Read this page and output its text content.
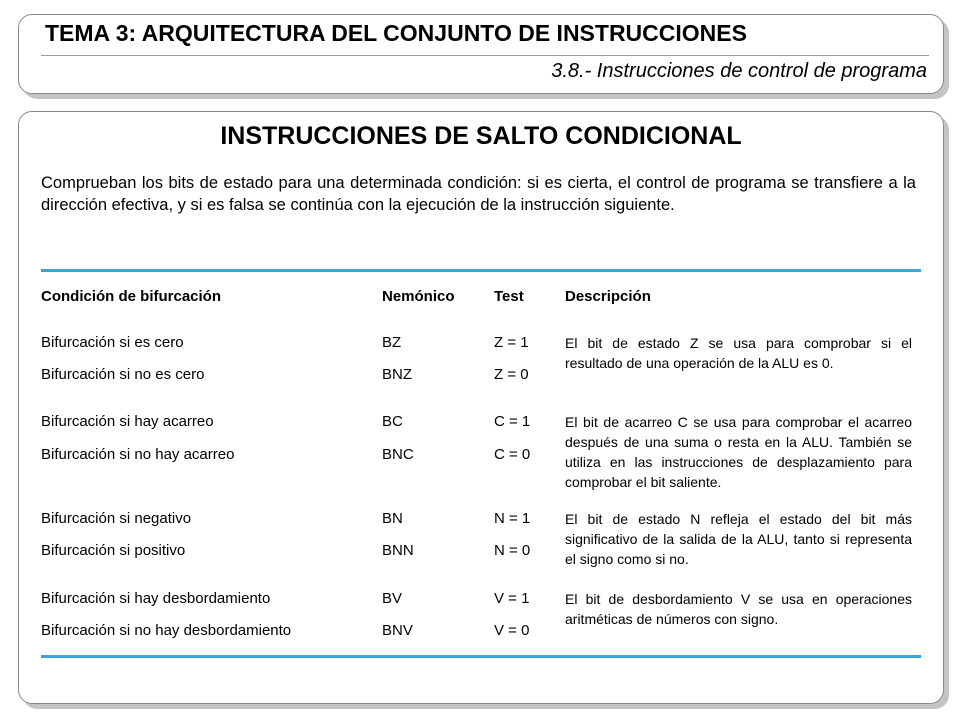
TEMA 3: ARQUITECTURA DEL CONJUNTO DE INSTRUCCIONES
3.8.- Instrucciones de control de programa
INSTRUCCIONES DE SALTO CONDICIONAL
Comprueban los bits de estado para una determinada condición: si es cierta, el control de programa se transfiere a la dirección efectiva, y si es falsa se continúa con la ejecución de la instrucción siguiente.
Condición de bifurcación	Nemónico	Test	Descripción
Bifurcación si es cero	BZ	Z = 1
Bifurcación si no es cero	BNZ	Z = 0
El bit de estado Z se usa para comprobar si el resultado de una operación de la ALU es 0.
Bifurcación si hay acarreo	BC	C = 1
Bifurcación si no hay acarreo	BNC	C = 0
El bit de acarreo C se usa para comprobar el acarreo después de una suma o resta en la ALU. También se utiliza en las instrucciones de desplazamiento para comprobar el bit saliente.
Bifurcación si negativo	BN	N = 1
Bifurcación si positivo	BNN	N = 0
El bit de estado N refleja el estado del bit más significativo de la salida de la ALU, tanto si representa el signo como si no.
Bifurcación si hay desbordamiento	BV	V = 1
Bifurcación si no hay desbordamiento	BNV	V = 0
El bit de desbordamiento V se usa en operaciones aritméticas de números con signo.
